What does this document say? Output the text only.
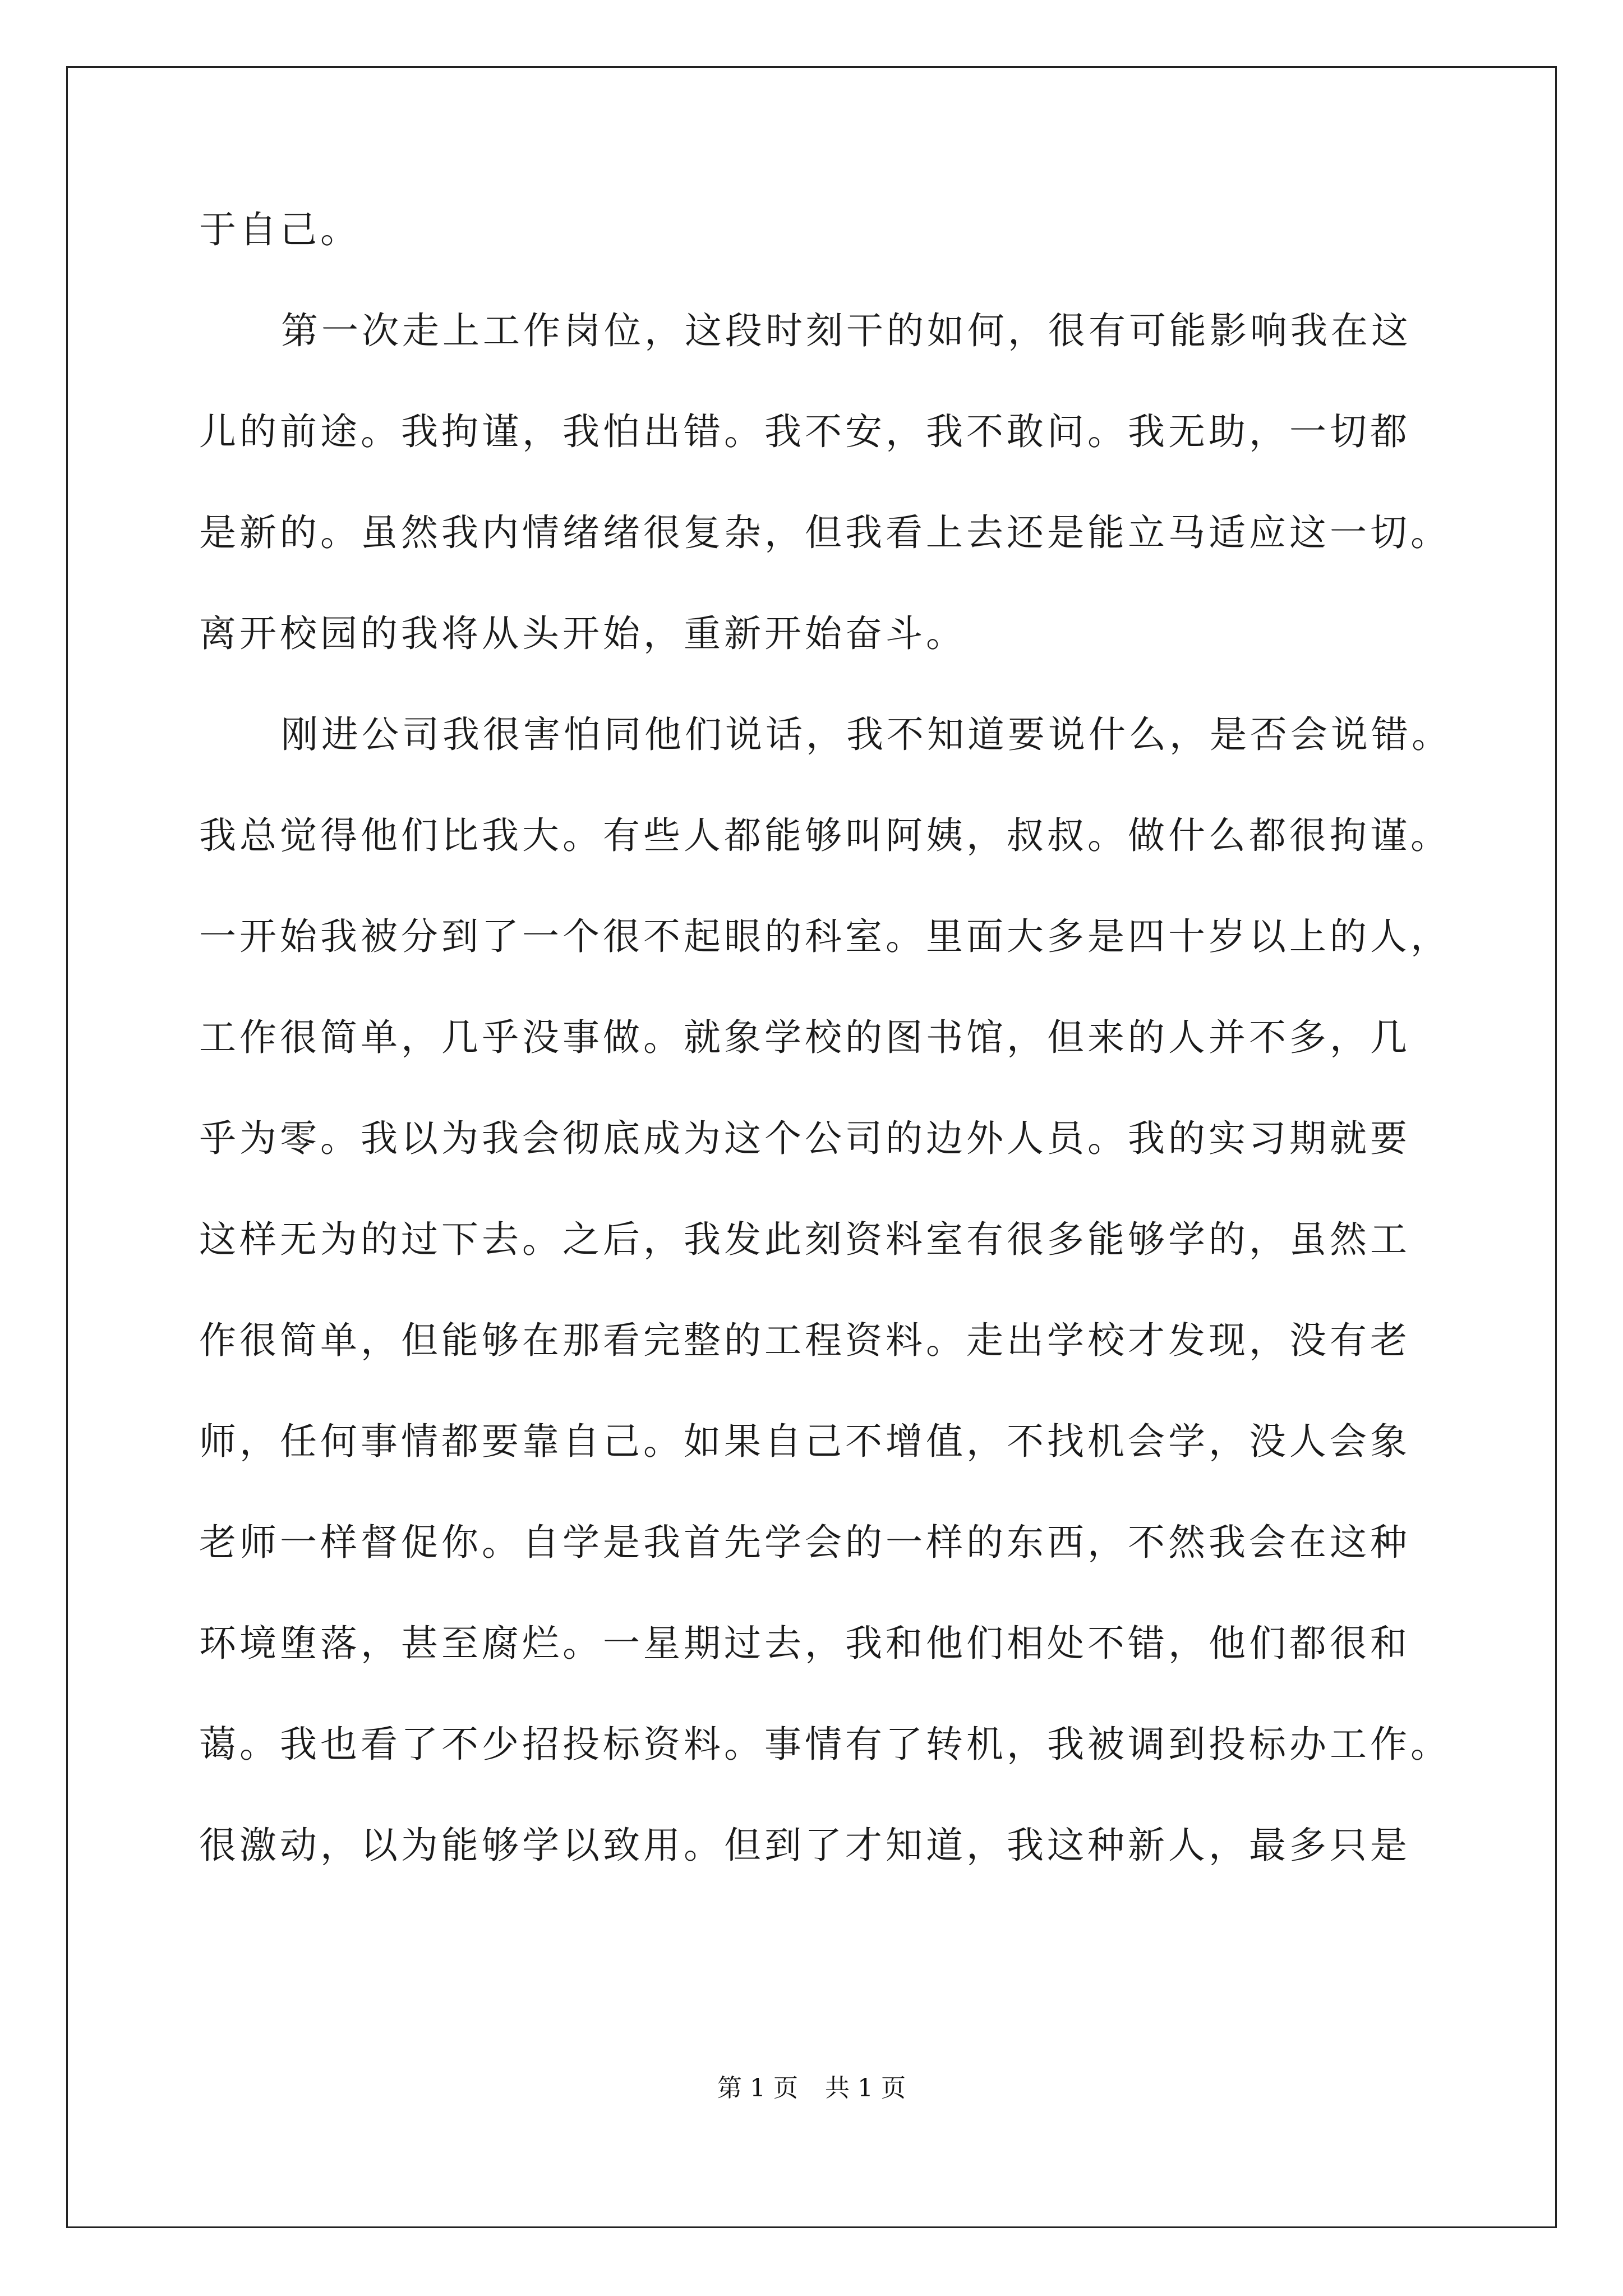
于自己。
第一次走上工作岗位，这段时刻干的如何，很有可能影响我在这
儿的前途。我拘谨，我怕出错。我不安，我不敢问。我无助，一切都
是新的。虽然我内情绪绪很复杂，但我看上去还是能立马适应这一切。
离开校园的我将从头开始，重新开始奋斗。
刚进公司我很害怕同他们说话，我不知道要说什么，是否会说错。
我总觉得他们比我大。有些人都能够叫阿姨，叔叔。做什么都很拘谨。
一开始我被分到了一个很不起眼的科室。里面大多是四十岁以上的人，
工作很简单，几乎没事做。就象学校的图书馆，但来的人并不多，几
乎为零。我以为我会彻底成为这个公司的边外人员。我的实习期就要
这样无为的过下去。之后，我发此刻资料室有很多能够学的，虽然工
作很简单，但能够在那看完整的工程资料。走出学校才发现，没有老
师，任何事情都要靠自己。如果自己不增值，不找机会学，没人会象
老师一样督促你。自学是我首先学会的一样的东西，不然我会在这种
环境堕落，甚至腐烂。一星期过去，我和他们相处不错，他们都很和
蔼。我也看了不少招投标资料。事情有了转机，我被调到投标办工作。
很激动，以为能够学以致用。但到了才知道，我这种新人，最多只是
第 1 页 共 1 页
